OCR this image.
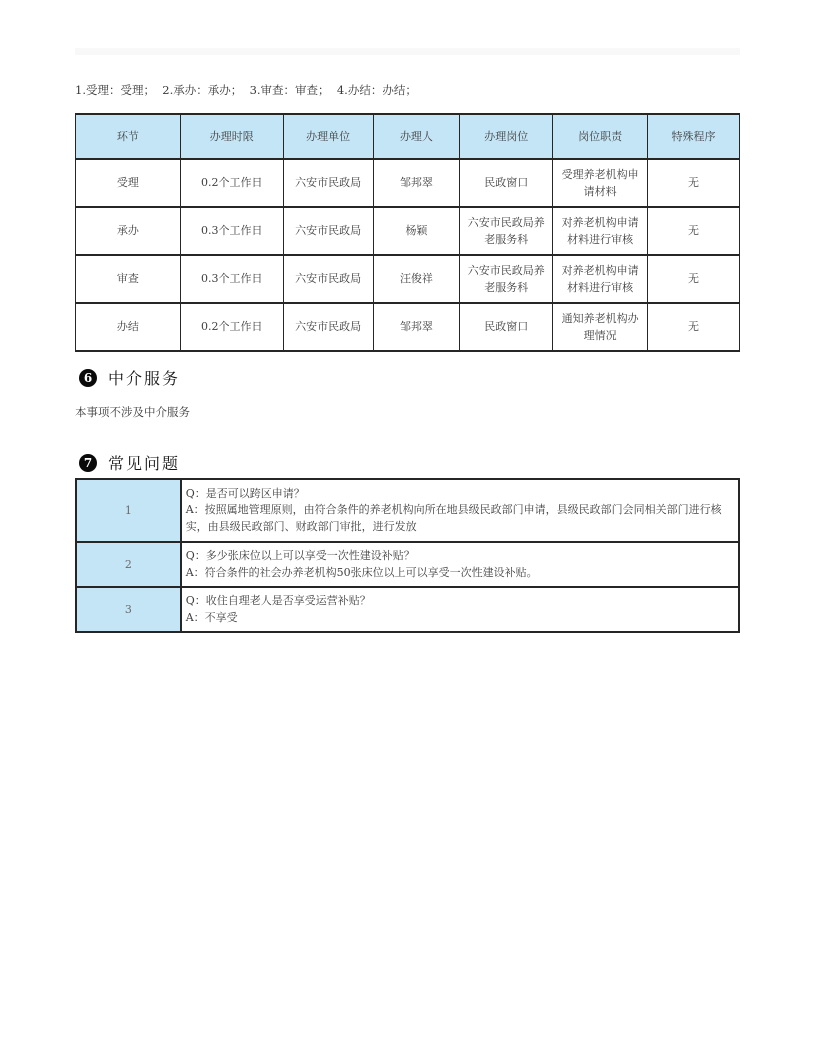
1.受理：受理；  2.承办：承办；  3.审查：审查；  4.办结：办结；
环节	办理时限	办理单位	办理人	办理岗位	岗位职责	特殊程序
受理	0.2个工作日	六安市民政局	邹邦翠	民政窗口	受理养老机构申请材料	无
承办	0.3个工作日	六安市民政局	杨颖	六安市民政局养老服务科	对养老机构申请材料进行审核	无
审查	0.3个工作日	六安市民政局	汪俊祥	六安市民政局养老服务科	对养老机构申请材料进行审核	无
办结	0.2个工作日	六安市民政局	邹邦翠	民政窗口	通知养老机构办理情况	无
6 中介服务
本事项不涉及中介服务
7 常见问题
1	Q：是否可以跨区申请？
A：按照属地管理原则，由符合条件的养老机构向所在地县级民政部门申请，县级民政部门会同相关部门进行核实，由县级民政部门、财政部门审批，进行发放

2	Q：多少张床位以上可以享受一次性建设补贴？
A：符合条件的社会办养老机构50张床位以上可以享受一次性建设补贴。

3	Q：收住自理老人是否享受运营补贴？
A：不享受
